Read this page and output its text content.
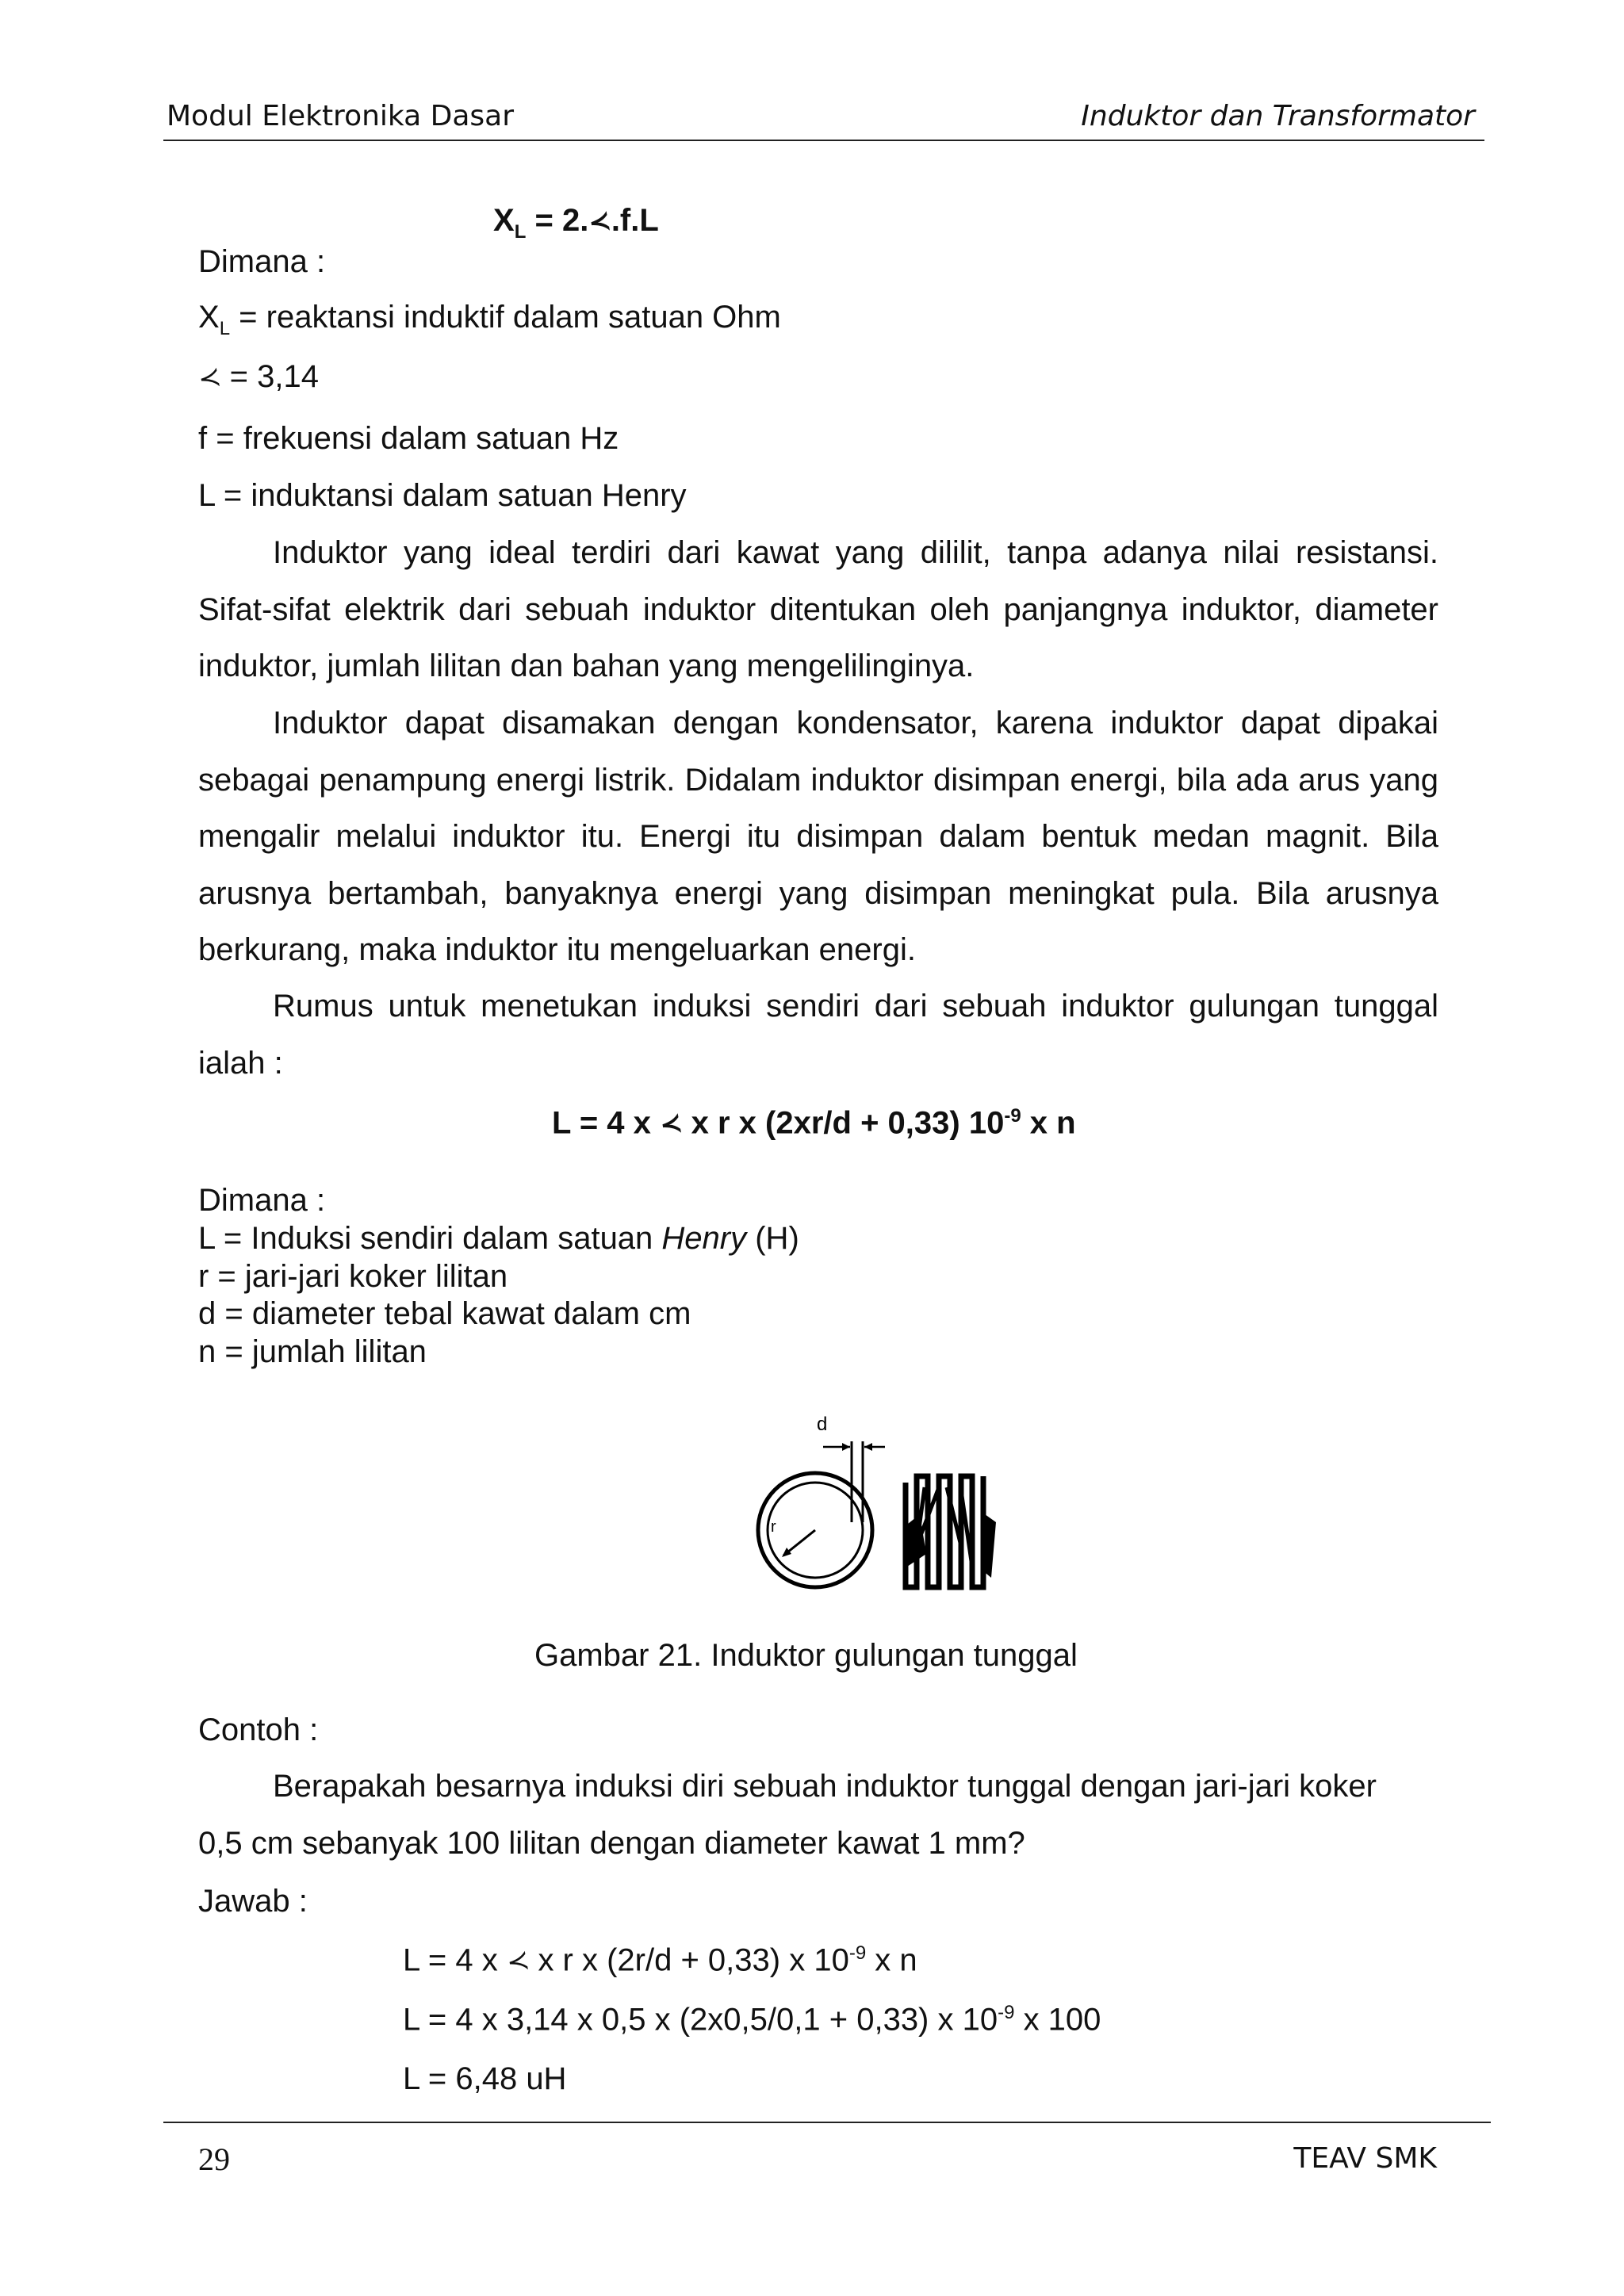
Modul Elektronika Dasar	Induktor dan Transformator
$X_L$ = 2.≺.f.L
Dimana :
$X_L$ = reaktansi induktif dalam satuan Ohm
≺ = 3,14
f = frekuensi dalam satuan Hz
L = induktansi dalam satuan Henry
Induktor yang ideal terdiri dari kawat yang dililit, tanpa adanya nilai resistansi. Sifat-sifat elektrik dari sebuah induktor ditentukan oleh panjangnya induktor, diameter induktor, jumlah lilitan dan bahan yang mengelilinginya.
Induktor dapat disamakan dengan kondensator, karena induktor dapat dipakai sebagai penampung energi listrik. Didalam induktor disimpan energi, bila ada arus yang mengalir melalui induktor itu. Energi itu disimpan dalam bentuk medan magnit. Bila arusnya bertambah, banyaknya energi yang disimpan meningkat pula. Bila arusnya berkurang, maka induktor itu mengeluarkan energi.
Rumus untuk menetukan induksi sendiri dari sebuah induktor gulungan tunggal ialah :
L = 4 x ≺ x r x (2xr/d + 0,33) $10^{-9}$ x n
Dimana :
L = Induksi sendiri dalam satuan Henry (H)
r = jari-jari koker lilitan
d = diameter tebal kawat dalam cm
n = jumlah lilitan
d
r
Gambar 21. Induktor gulungan tunggal
Contoh :
Berapakah besarnya induksi diri sebuah induktor tunggal dengan jari-jari koker 0,5 cm sebanyak 100 lilitan dengan diameter kawat 1 mm?
Jawab :
L = 4 x ≺ x r x (2r/d + 0,33) x $10^{-9}$ x n
L = 4 x 3,14 x 0,5 x (2x0,5/0,1 + 0,33) x $10^{-9}$ x 100
L = 6,48 uH
29	TEAV SMK
